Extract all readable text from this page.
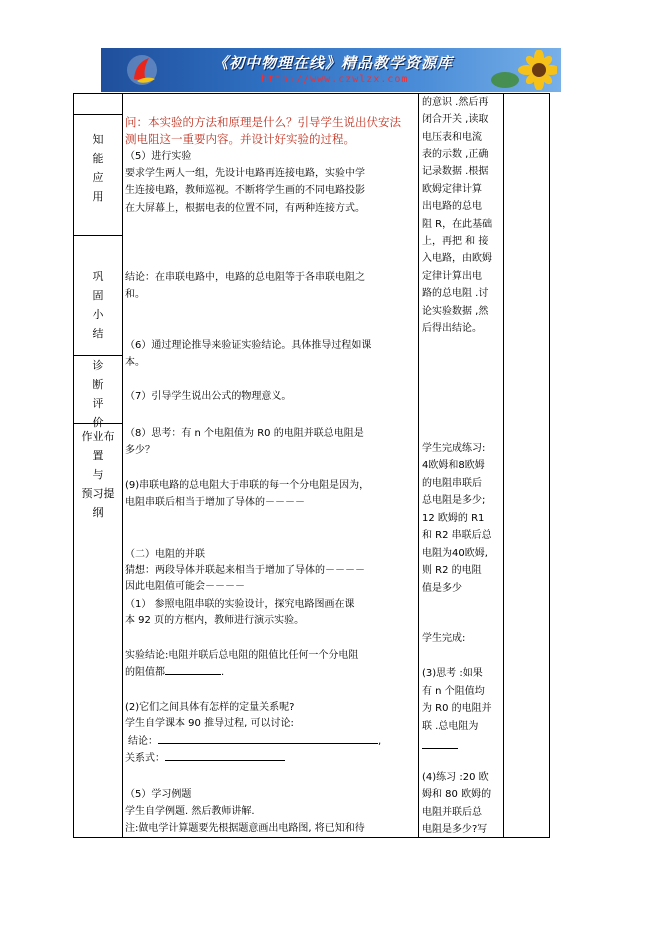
《初中物理在线》精品教学资源库
http://www.czwlzx.com
知
能
应
用
巩
固
小
结
诊
断
评
价
作业布
置
与
预习提
纲
问：本实验的方法和原理是什么？引导学生说出伏安法
测电阻这一重要内容。并设计好实验的过程。
（5）进行实验
要求学生两人一组，先设计电路再连接电路，实验中学
生连接电路，教师巡视。不断将学生画的不同电路投影
在大屏幕上，根据电表的位置不同，有两种连接方式。
结论：在串联电路中，电路的总电阻等于各串联电阻之
和。
（6）通过理论推导来验证实验结论。具体推导过程如课
本。
（7）引导学生说出公式的物理意义。
（8）思考：有 n 个电阻值为 R0 的电阻并联总电阻是
多少？
(9)串联电路的总电阻大于串联的每一个分电阻是因为，
电阻串联后相当于增加了导体的－－－－
（二）电阻的并联
猜想：两段导体并联起来相当于增加了导体的－－－－
因此电阻值可能会－－－－
（1） 参照电阻串联的实验设计，探究电路图画在课
本 92 页的方框内，教师进行演示实验。
实验结论:电阻并联后总电阻的阻值比任何一个分电阻
的阻值都	.
(2)它们之间具体有怎样的定量关系呢?
学生自学课本 90 推导过程, 可以讨论:
结论：	,
关系式：
（5）学习例题
学生自学例题. 然后教师讲解.
注:做电学计算题要先根据题意画出电路图, 将已知和待
的意识 .然后再
闭合开关 ,读取
电压表和电流
表的示数 ,正确
记录数据 .根据
欧姆定律计算
出电路的总电
阻 R，在此基础
上，再把 和 接
入电路，由欧姆
定律计算出电
路的总电阻 .讨
论实验数据 ,然
后得出结论。
学生完成练习:
4欧姆和8欧姆
的电阻串联后
总电阻是多少;
12 欧姆的 R1
和 R2 串联后总
电阻为40欧姆,
则 R2 的电阻
值是多少
学生完成:
(3)思考 :如果
有 n 个阻值均
为 R0 的电阻并
联 .总电阻为
(4)练习 :20 欧
姆和 80 欧姆的
电阻并联后总
电阻是多少?写
